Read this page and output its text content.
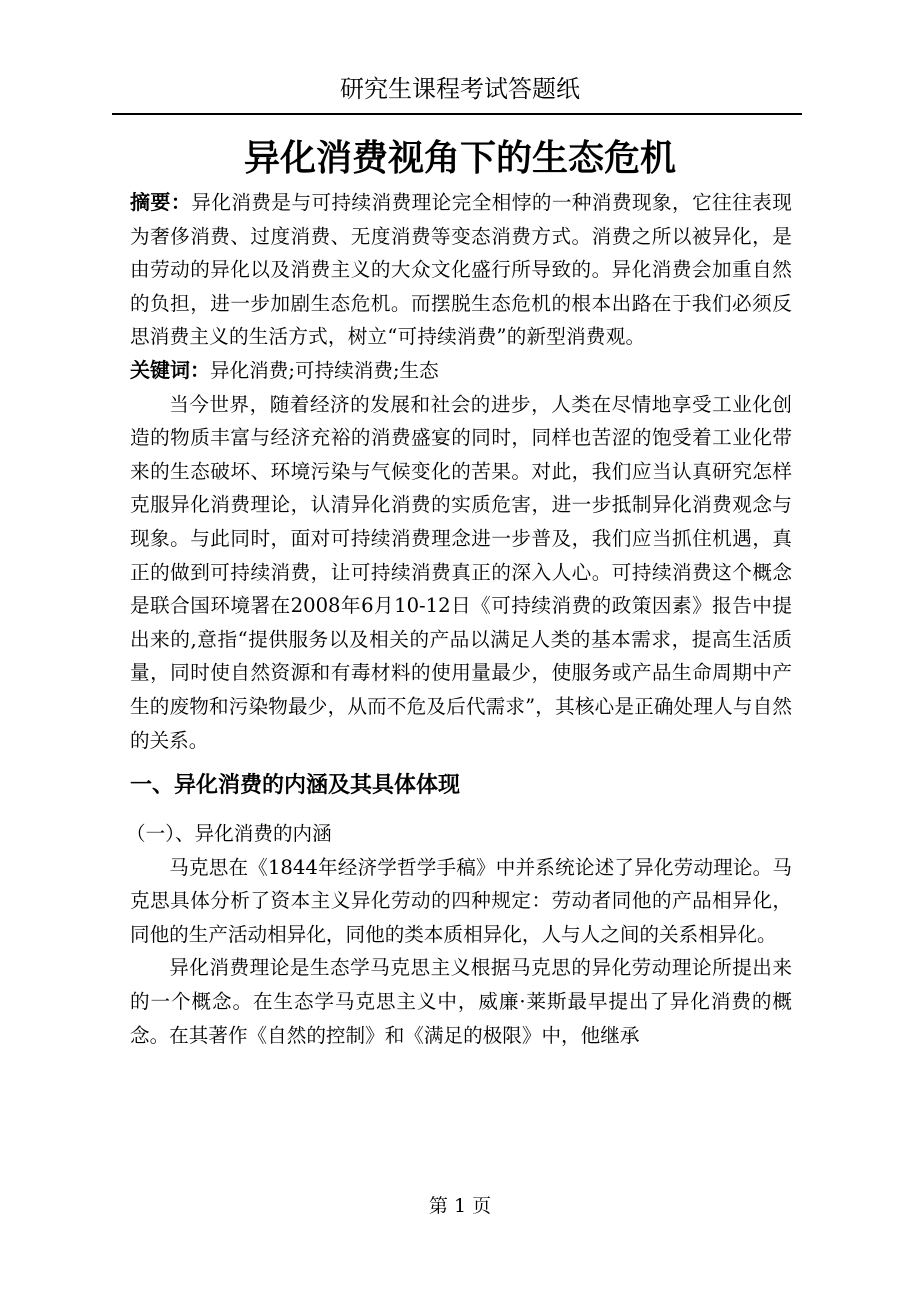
研究生课程考试答题纸
异化消费视角下的生态危机

摘要：异化消费是与可持续消费理论完全相悖的一种消费现象，它往往表现为奢侈消费、过度消费、无度消费等变态消费方式。消费之所以被异化，是由劳动的异化以及消费主义的大众文化盛行所导致的。异化消费会加重自然的负担，进一步加剧生态危机。而摆脱生态危机的根本出路在于我们必须反思消费主义的生活方式，树立“可持续消费”的新型消费观。

关键词：异化消费;可持续消费;生态

当今世界，随着经济的发展和社会的进步，人类在尽情地享受工业化创造的物质丰富与经济充裕的消费盛宴的同时，同样也苦涩的饱受着工业化带来的生态破坏、环境污染与气候变化的苦果。对此，我们应当认真研究怎样克服异化消费理论，认清异化消费的实质危害，进一步抵制异化消费观念与现象。与此同时，面对可持续消费理念进一步普及，我们应当抓住机遇，真正的做到可持续消费，让可持续消费真正的深入人心。可持续消费这个概念是联合国环境署在2008年6月10-12日《可持续消费的政策因素》报告中提出来的,意指“提供服务以及相关的产品以满足人类的基本需求，提高生活质量，同时使自然资源和有毒材料的使用量最少，使服务或产品生命周期中产生的废物和污染物最少，从而不危及后代需求”，其核心是正确处理人与自然的关系。

一、异化消费的内涵及其具体体现

（一）、异化消费的内涵

马克思在《1844年经济学哲学手稿》中并系统论述了异化劳动理论。马克思具体分析了资本主义异化劳动的四种规定：劳动者同他的产品相异化，同他的生产活动相异化，同他的类本质相异化，人与人之间的关系相异化。

异化消费理论是生态学马克思主义根据马克思的异化劳动理论所提出来的一个概念。在生态学马克思主义中，威廉·莱斯最早提出了异化消费的概念。在其著作《自然的控制》和《满足的极限》中，他继承

第 1 页
